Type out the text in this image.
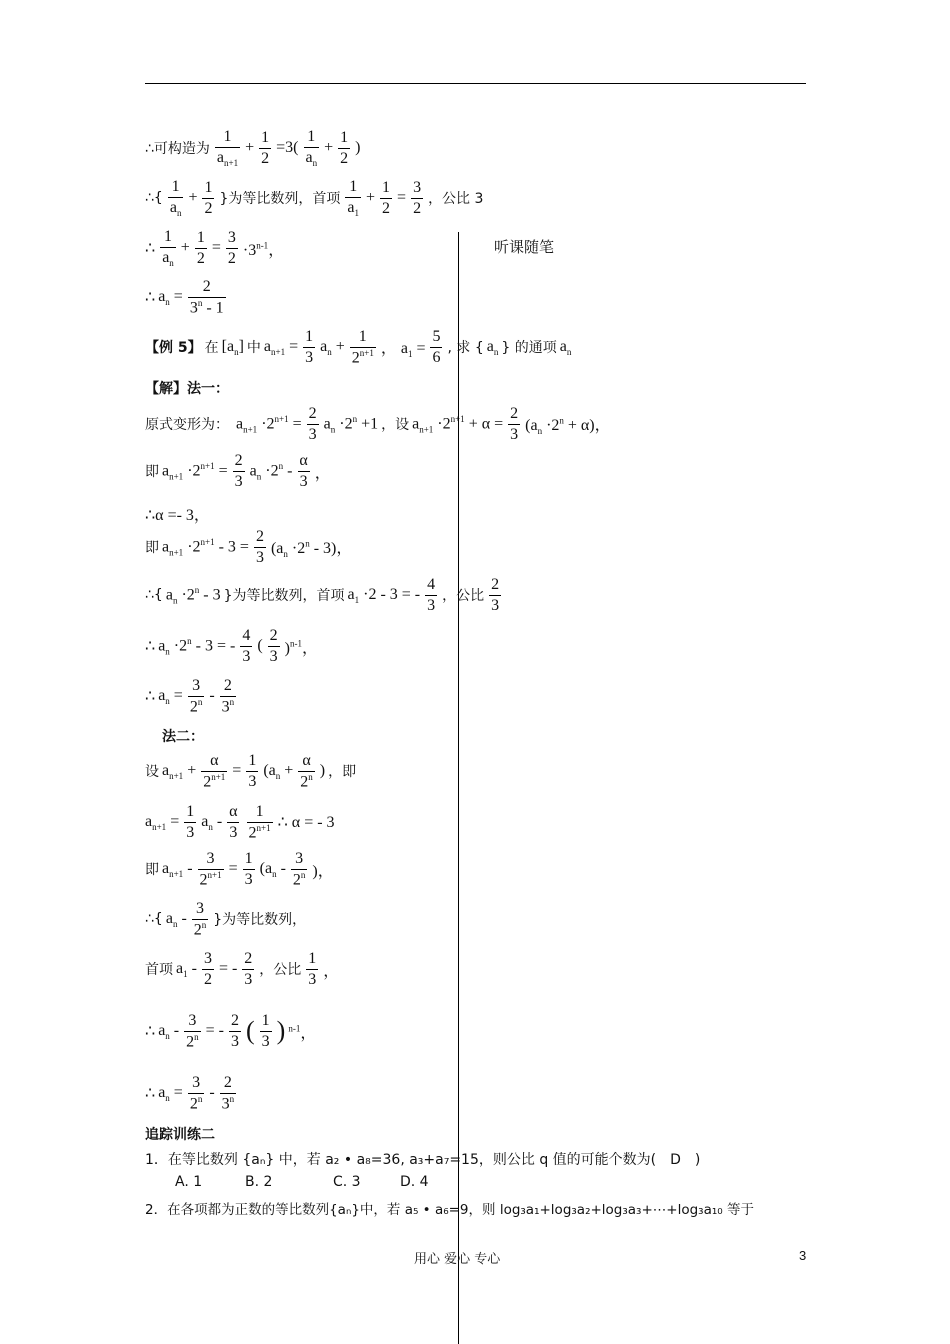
听课随笔
∴可构造为 $\frac{1}{a_{n+1}} + \frac{1}{2} =3( \frac{1}{a_n} + \frac{1}{2}$ )
∴{ $\frac{1}{a_n} + \frac{1}{2}$ }为等比数列，首项 $\frac{1}{a_1} + \frac{1}{2} = \frac{3}{2}$ ，公比 3
∴ $\frac{1}{a_n} + \frac{1}{2} = \frac{3}{2} \cdot 3^{n-1}$，
∴ $a_n = \frac{2}{3^n - 1}$
【例 5】 在 $[a_n]$ 中 $a_{n+1} = \frac{1}{3} a_n + \frac{1}{2^{n+1}}$ ， $a_1 = \frac{5}{6}$ , 求 { $a_n$ } 的通项 $a_n$
【解】法一：
原式变形为： $a_{n+1} \cdot 2^{n+1} = \frac{2}{3} a_n \cdot 2^n +1$ ，设 $a_{n+1} \cdot 2^{n+1} + \alpha = \frac{2}{3} (a_n \cdot 2^n + \alpha)$，
即 $a_{n+1} \cdot 2^{n+1} = \frac{2}{3} a_n \cdot 2^n - \frac{\alpha}{3}$ ，
∴α =- 3，
即 $a_{n+1} \cdot 2^{n+1} - 3 = \frac{2}{3} (a_n \cdot 2^n - 3)$，
∴{ $a_n \cdot 2^n - 3$ }为等比数列，首项 $a_1 \cdot 2 - 3$ = - $\frac{4}{3}$ ，公比 $\frac{2}{3}$
∴ $a_n \cdot 2^n - 3$ = - $\frac{4}{3}$ ( $\frac{2}{3} )^{n-1}$，
∴ $a_n = \frac{3}{2^n} - \frac{2}{3^n}$
法二：
设 $a_{n+1} + \frac{\alpha}{2^{n+1}} = \frac{1}{3} (a_n + \frac{\alpha}{2^n}$ ) ，即
$a_{n+1} = \frac{1}{3} a_n - \frac{\alpha}{3} \frac{1}{2^{n+1}}$ ∴ α = - 3
即 $a_{n+1} - \frac{3}{2^{n+1}} = \frac{1}{3} (a_n - \frac{3}{2^n}$ )，
∴{ $a_n - \frac{3}{2^n}$ }为等比数列，
首项 $a_1 - \frac{3}{2}$ = - $\frac{2}{3}$ ，公比 $\frac{1}{3}$ ，
∴ $a_n - \frac{3}{2^n}$ = - $\frac{2}{3}$ ( $\frac{1}{3}$ ) $^{n-1}$，
∴ $a_n = \frac{3}{2^n} - \frac{2}{3^n}$
追踪训练二
1．在等比数列 {aₙ} 中，若 a₂ • a₈=36, a₃+a₇=15，则公比 q 值的可能个数为(　D　)
A. 1	B. 2	C. 3	D. 4
2．在各项都为正数的等比数列{aₙ}中，若 a₅ • a₆=9，则 log₃a₁+log₃a₂+log₃a₃+⋯+log₃a₁₀ 等于
用心 爱心 专心	3
